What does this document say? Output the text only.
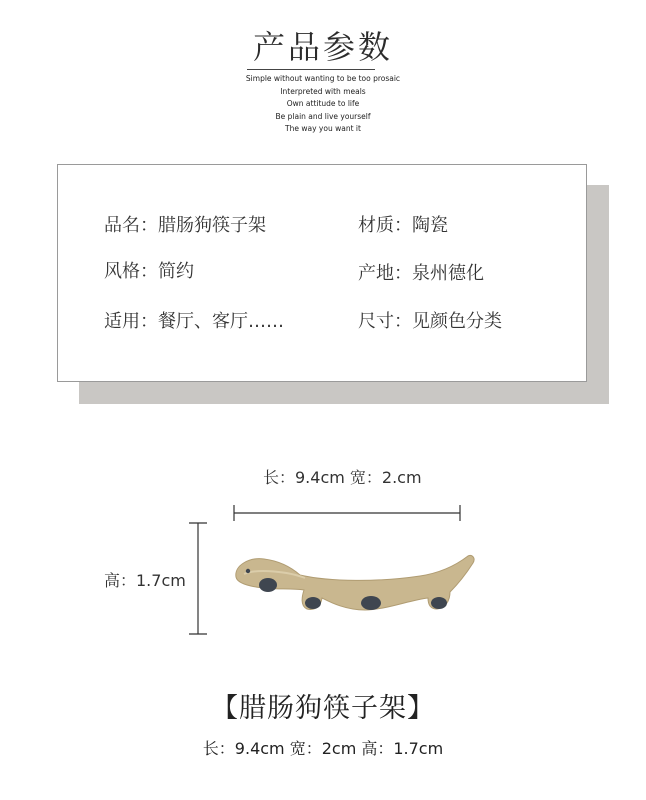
产品参数
Simple without wanting to be too prosaic
Interpreted with meals
Own attitude to life
Be plain and live yourself
The way you want it
品名：腊肠狗筷子架	材质：陶瓷
风格：简约	产地：泉州德化
适用：餐厅、客厅……	尺寸：见颜色分类
长：9.4cm 宽：2.cm
高：1.7cm
【腊肠狗筷子架】
长：9.4cm 宽：2cm 高：1.7cm
